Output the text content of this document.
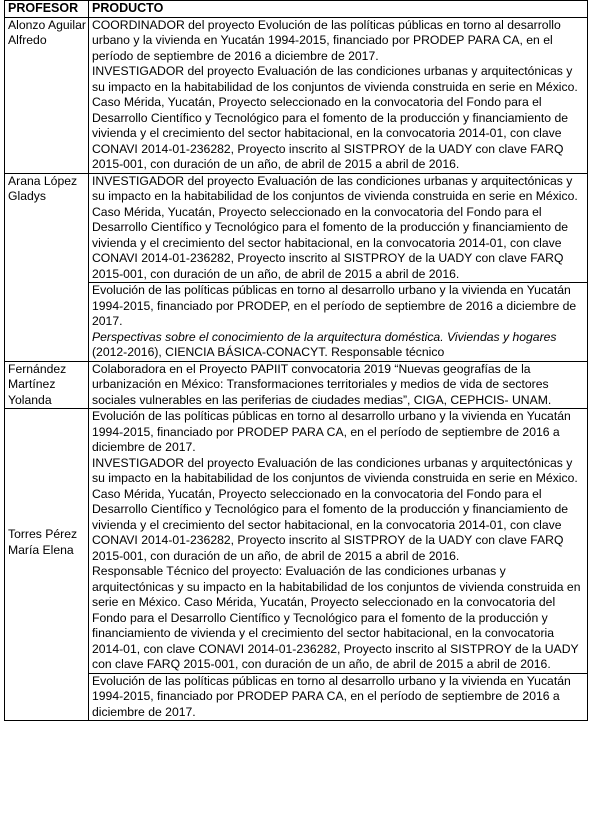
PROFESOR	PRODUCTO
Alonzo Aguilar Alfredo	COORDINADOR del proyecto Evolución de las políticas públicas en torno al desarrollo urbano y la vivienda en Yucatán 1994-2015, financiado por PRODEP PARA CA, en el período de septiembre de 2016 a diciembre de 2017.

INVESTIGADOR del proyecto Evaluación de las condiciones urbanas y arquitectónicas y su impacto en la habitabilidad de los conjuntos de vivienda construida en serie en México. Caso Mérida, Yucatán, Proyecto seleccionado en la convocatoria del Fondo para el Desarrollo Científico y Tecnológico para el fomento de la producción y financiamiento de vivienda y el crecimiento del sector habitacional, en la convocatoria 2014-01, con clave CONAVI 2014-01-236282, Proyecto inscrito al SISTPROY de la UADY con clave FARQ 2015-001, con duración de un año, de abril de 2015 a abril de 2016.

Arana López Gladys	INVESTIGADOR del proyecto Evaluación de las condiciones urbanas y arquitectónicas y su impacto en la habitabilidad de los conjuntos de vivienda construida en serie en México. Caso Mérida, Yucatán, Proyecto seleccionado en la convocatoria del Fondo para el Desarrollo Científico y Tecnológico para el fomento de la producción y financiamiento de vivienda y el crecimiento del sector habitacional, en la convocatoria 2014-01, con clave CONAVI 2014-01-236282, Proyecto inscrito al SISTPROY de la UADY con clave FARQ 2015-001, con duración de un año, de abril de 2015 a abril de 2016.

	Evolución de las políticas públicas en torno al desarrollo urbano y la vivienda en Yucatán 1994-2015, financiado por PRODEP, en el período de septiembre de 2016 a diciembre de 2017.

Perspectivas sobre el conocimiento de la arquitectura doméstica. Viviendas y hogares (2012-2016), CIENCIA BÁSICA-CONACYT. Responsable técnico

Fernández Martínez Yolanda	Colaboradora en el Proyecto PAPIIT convocatoria 2019 “Nuevas geografías de la urbanización en México: Transformaciones territoriales y medios de vida de sectores sociales vulnerables en las periferias de ciudades medias”, CIGA, CEPHCIS- UNAM.

Torres Pérez María Elena	Evolución de las políticas públicas en torno al desarrollo urbano y la vivienda en Yucatán 1994-2015, financiado por PRODEP PARA CA, en el período de septiembre de 2016 a diciembre de 2017.

INVESTIGADOR del proyecto Evaluación de las condiciones urbanas y arquitectónicas y su impacto en la habitabilidad de los conjuntos de vivienda construida en serie en México. Caso Mérida, Yucatán, Proyecto seleccionado en la convocatoria del Fondo para el Desarrollo Científico y Tecnológico para el fomento de la producción y financiamiento de vivienda y el crecimiento del sector habitacional, en la convocatoria 2014-01, con clave CONAVI 2014-01-236282, Proyecto inscrito al SISTPROY de la UADY con clave FARQ 2015-001, con duración de un año, de abril de 2015 a abril de 2016.

Responsable Técnico del proyecto: Evaluación de las condiciones urbanas y arquitectónicas y su impacto en la habitabilidad de los conjuntos de vivienda construida en serie en México. Caso Mérida, Yucatán, Proyecto seleccionado en la convocatoria del Fondo para el Desarrollo Científico y Tecnológico para el fomento de la producción y financiamiento de vivienda y el crecimiento del sector habitacional, en la convocatoria 2014-01, con clave CONAVI 2014-01-236282, Proyecto inscrito al SISTPROY de la UADY con clave FARQ 2015-001, con duración de un año, de abril de 2015 a abril de 2016.

	Evolución de las políticas públicas en torno al desarrollo urbano y la vivienda en Yucatán 1994-2015, financiado por PRODEP PARA CA, en el período de septiembre de 2016 a diciembre de 2017.
